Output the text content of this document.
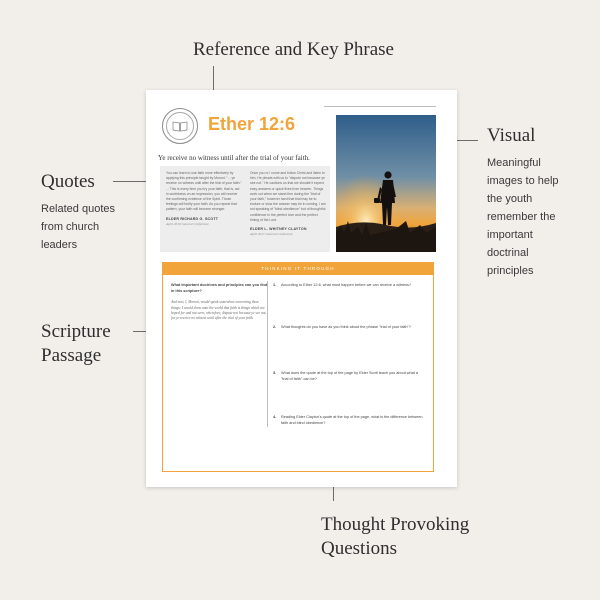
Reference and Key Phrase
Visual
Meaningful
images to help
the youth
remember the
important
doctrinal
principles
Quotes
Related quotes
from church
leaders
Scripture
Passage
Thought Provoking
Questions
Ether 12:6
Ye receive no witness until after the trial of your faith.
You can learn to use faith more effectively by applying this principle taught by Moroni: "... ye receive no witness until after the trial of your faith." ... This is every time you try your faith, that is, act in worthiness on an impression, you will receive the confirming evidence of the Spirit. Those feelings will fortify your faith. As you repeat that pattern, your faith will become stronger.
ELDER RICHARD G. SCOTT
April 2010 General Conference
Once you or I come and follow Christ and listen to him, He pleads with us to "dispute not because ye see not." He cautions us that we shouldn't expect easy answers or quick fixes from heaven. Things work out when we stand firm during the "trial of your faith," however hard that trial may be to endure or slow the answer may be in coming. I am not speaking of "blind obedience" but of thoughtful confidence in the perfect love and the perfect timing of the Lord.
ELDER L. WHITNEY CLAYTON
April 2017 General Conference
THINKING IT THROUGH
What important doctrines and principles can you find in this scripture?
And now, I, Moroni, would speak somewhat concerning these things; I would show unto the world that faith is things which are hoped for and not seen; wherefore, dispute not because ye see not, for ye receive no witness until after the trial of your faith.
1. According to Ether 12:6, what must happen before we can receive a witness?
2. What thoughts do you have as you think about the phrase "trial of your faith"?
3. What does the quote at the top of the page by Elder Scott teach you about what a "trial of faith" can be?
4. Reading Elder Clayton's quote at the top of the page, what is the difference between faith and blind obedience?
